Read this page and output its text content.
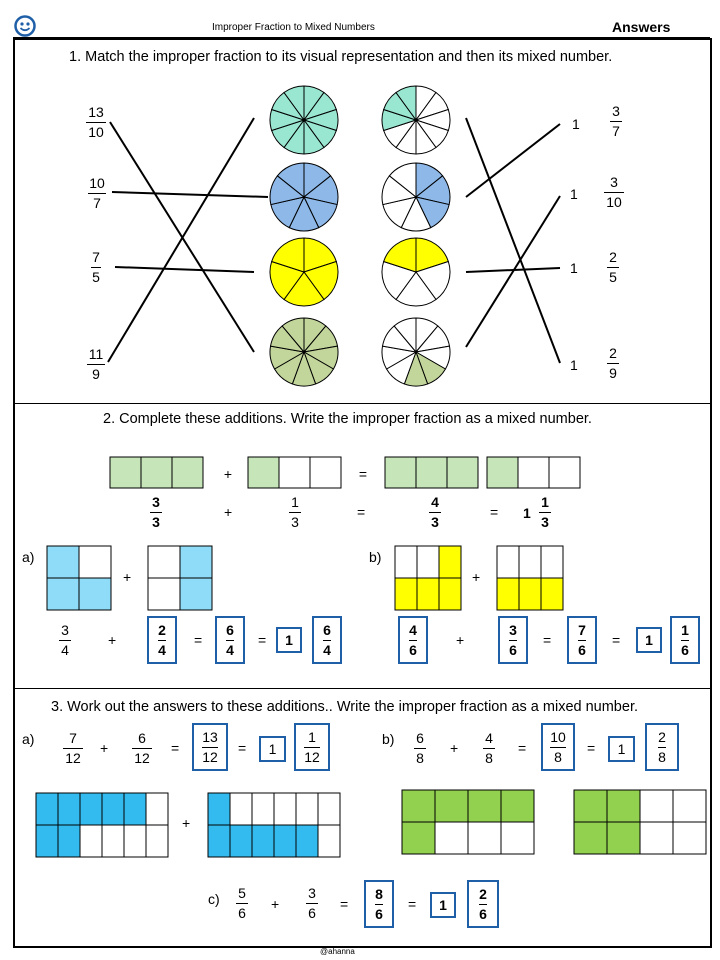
Improper Fraction to Mixed Numbers	Answers
@ahanna
1. Match the improper fraction to its visual representation and then its mixed number.
13
10
10
7
7
5
11
9
1
3
7
1
3
10
1
2
5
1
2
9
2. Complete these additions. Write the improper fraction as a mixed number.
+	=
3
3
+
1
3
=
4
3
= 1
1
3
a)
+
3
4
+	$\frac{2}{4} = \frac{6}{4} = 1 \frac{6}{4}$
b)
+
$\frac{4}{6}$	+	$\frac{3}{6} = \frac{7}{6} = 1 \frac{1}{6}$
3. Work out the answers to these additions.. Write the improper fraction as a mixed number.
a) 7
12
+
6
12
= $\frac{13}{12} = 1 \frac{1}{12}$	b) 6
8
+
4
8
= $\frac{10}{8} = 1 \frac{2}{8}$
+
c) 5
6
+
3
6
= $\frac{8}{6} = 1 \frac{2}{6}$
